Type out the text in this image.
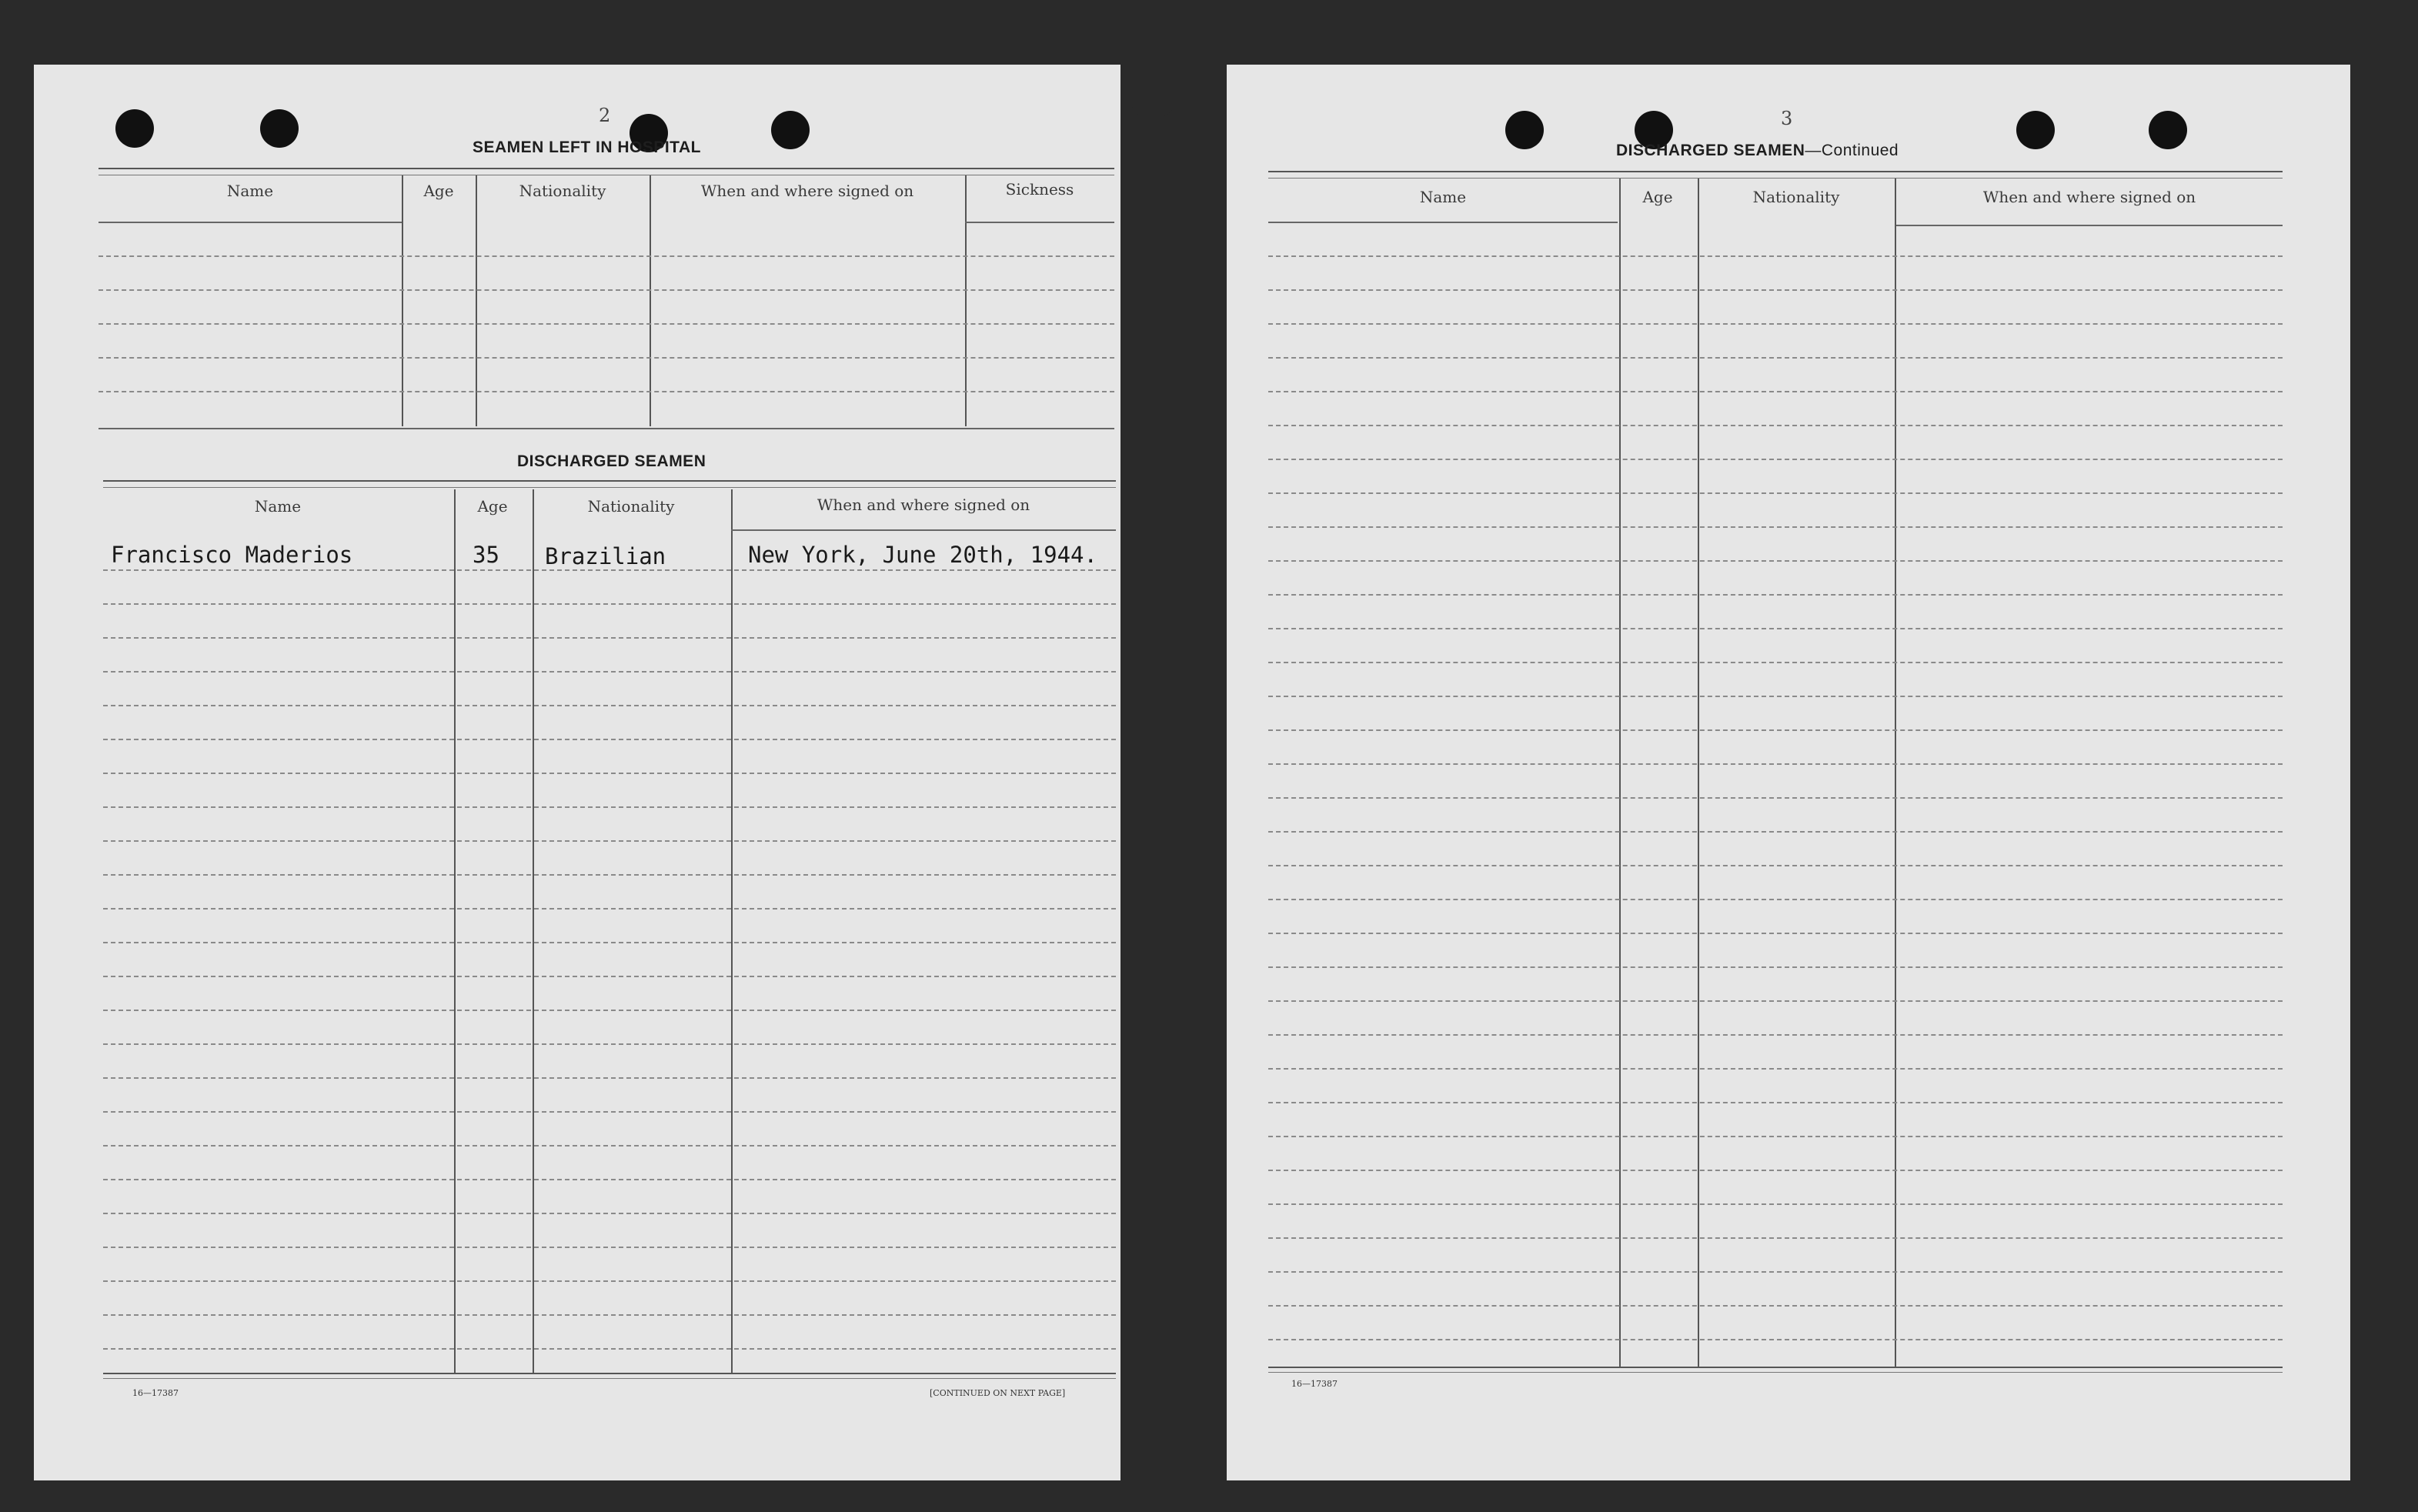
2
SEAMEN LEFT IN HOSPITAL
Name	Age	Nationality	When and where signed on	Sickness
DISCHARGED SEAMEN
Name	Age	Nationality	When and where signed on
Francisco Maderios	35 Brazilian	New York, June 20th, 1944.
16—17387	[CONTINUED ON NEXT PAGE]
3
DISCHARGED SEAMEN—Continued
Name	Age	Nationality	When and where signed on
16—17387
